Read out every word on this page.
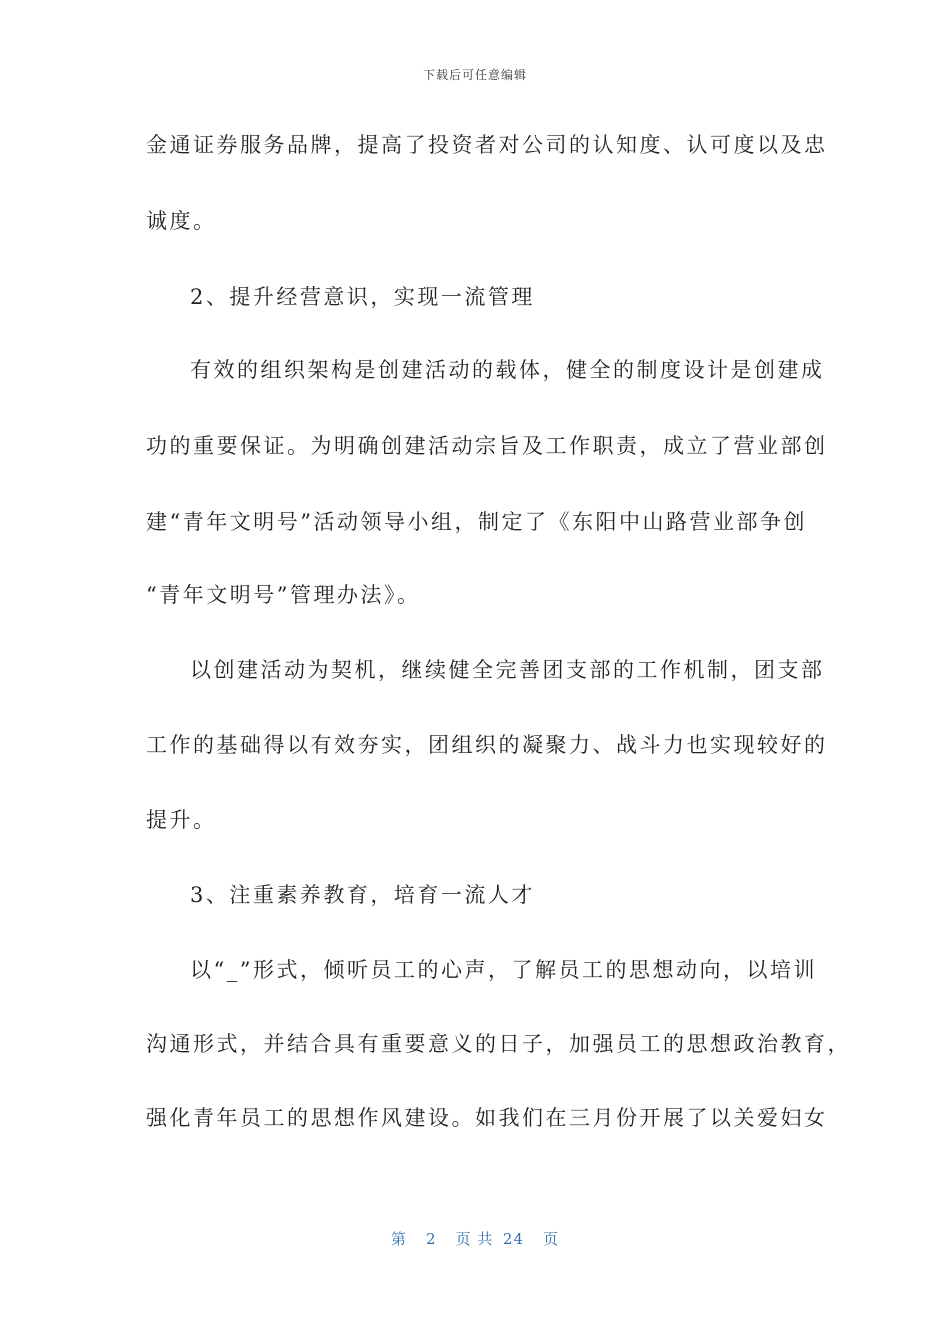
下载后可任意编辑
金通证券服务品牌，提高了投资者对公司的认知度、认可度以及忠
诚度。
2、提升经营意识，实现一流管理
有效的组织架构是创建活动的载体，健全的制度设计是创建成
功的重要保证。为明确创建活动宗旨及工作职责，成立了营业部创
建“青年文明号”活动领导小组，制定了《东阳中山路营业部争创
“青年文明号”管理办法》。
以创建活动为契机，继续健全完善团支部的工作机制，团支部
工作的基础得以有效夯实，团组织的凝聚力、战斗力也实现较好的
提升。
3、注重素养教育，培育一流人才
以“_”形式，倾听员工的心声，了解员工的思想动向，以培训
沟通形式，并结合具有重要意义的日子，加强员工的思想政治教育，
强化青年员工的思想作风建设。如我们在三月份开展了以关爱妇女
第 2 页 共 24 页
